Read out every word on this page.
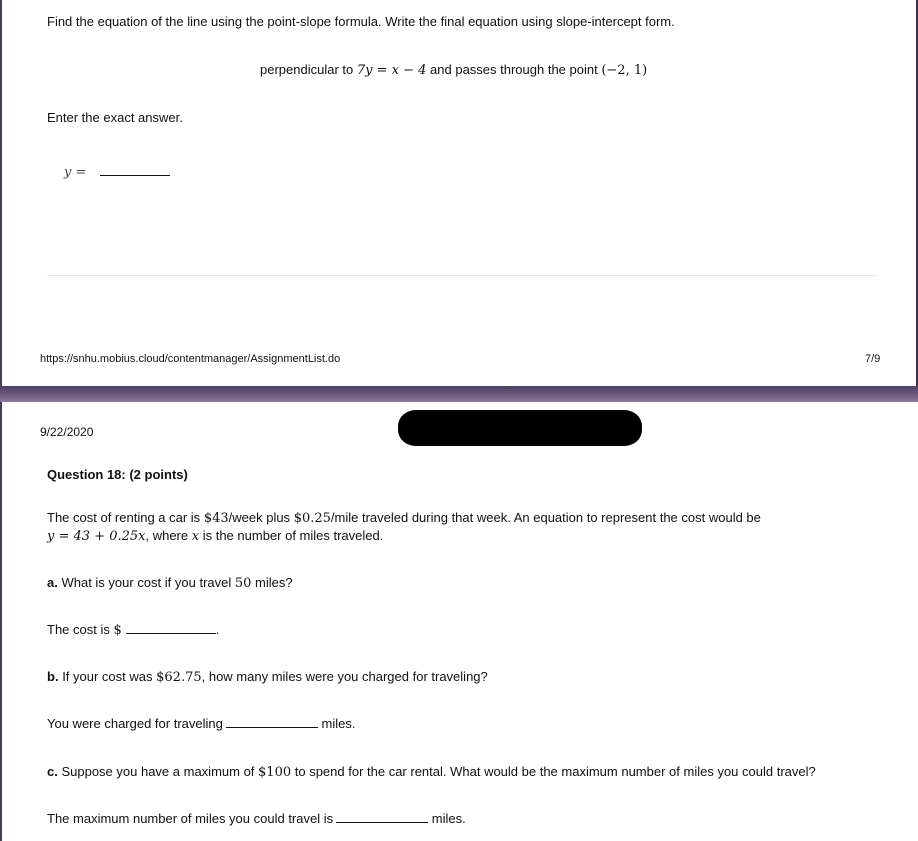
Find the equation of the line using the point-slope formula. Write the final equation using slope-intercept form.
perpendicular to 7y = x − 4 and passes through the point (−2, 1)
Enter the exact answer.
y =
https://snhu.mobius.cloud/contentmanager/AssignmentList.do	7/9
9/22/2020
Question 18: (2 points)
The cost of renting a car is $43/week plus $0.25/mile traveled during that week. An equation to represent the cost would be
y = 43 + 0.25x, where x is the number of miles traveled.
a. What is your cost if you travel 50 miles?
The cost is $	.
b. If your cost was $62.75, how many miles were you charged for traveling?
You were charged for traveling	miles.
c. Suppose you have a maximum of $100 to spend for the car rental. What would be the maximum number of miles you could travel?
The maximum number of miles you could travel is	miles.
